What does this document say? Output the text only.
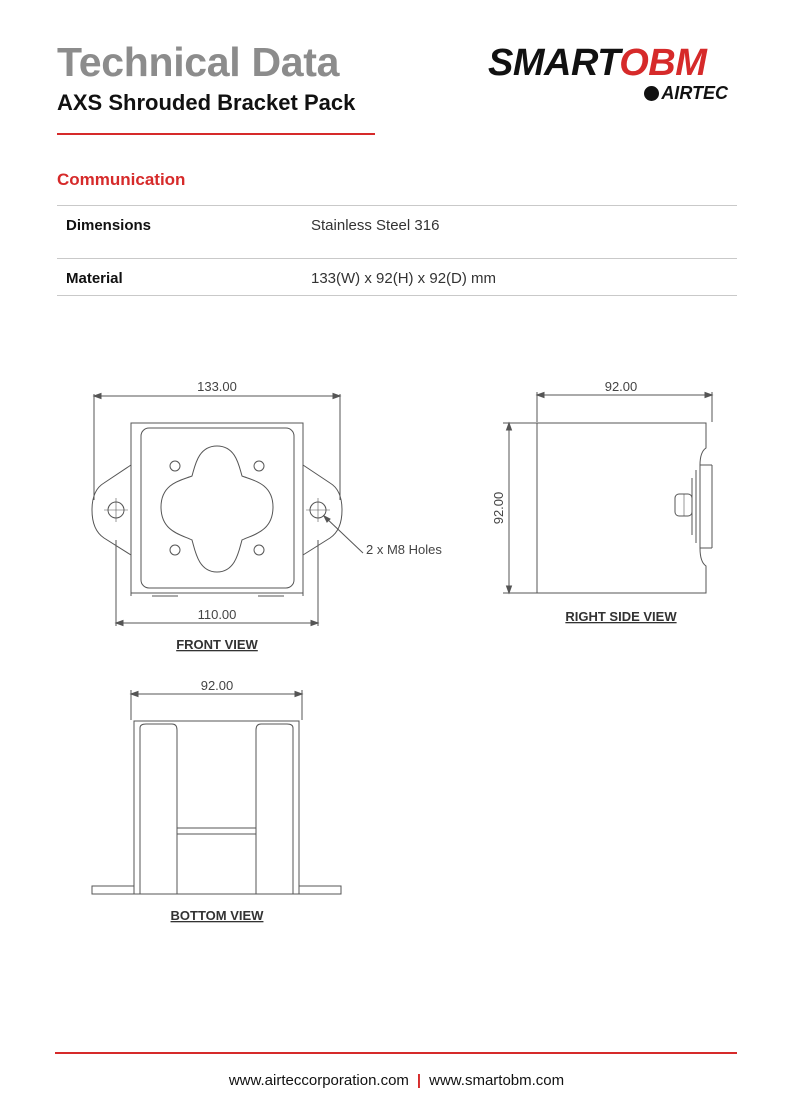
Technical Data
AXS Shrouded Bracket Pack
SMARTOBM
AIRTEC
Communication
Dimensions	Stainless Steel 316
Material	133(W) x 92(H) x 92(D) mm
133.00
110.00
2 x M8 Holes
FRONT VIEW
92.00
92.00
RIGHT SIDE VIEW
92.00
BOTTOM VIEW
www.airteccorporation.com | www.smartobm.com
